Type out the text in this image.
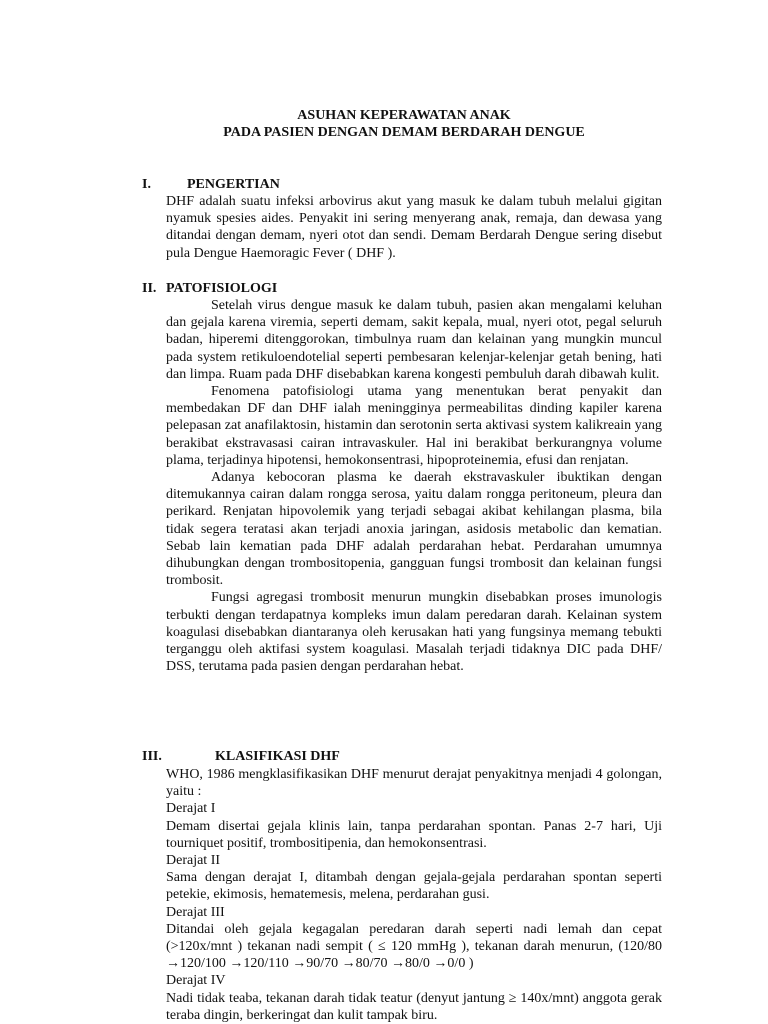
ASUHAN KEPERAWATAN ANAK
PADA PASIEN DENGAN DEMAM BERDARAH DENGUE
I.	PENGERTIAN

DHF adalah suatu infeksi arbovirus akut yang masuk ke dalam tubuh melalui gigitan nyamuk spesies aides. Penyakit ini sering menyerang anak, remaja, dan dewasa yang ditandai dengan demam, nyeri otot dan sendi. Demam Berdarah Dengue sering disebut pula Dengue Haemoragic Fever ( DHF ).

II. PATOFISIOLOGI

Setelah virus dengue masuk ke dalam tubuh, pasien akan mengalami keluhan dan gejala karena viremia, seperti demam, sakit kepala, mual, nyeri otot, pegal seluruh badan, hiperemi ditenggorokan, timbulnya ruam dan kelainan yang mungkin muncul pada system retikuloendotelial seperti pembesaran kelenjar-kelenjar getah bening, hati dan limpa. Ruam pada DHF disebabkan karena kongesti pembuluh darah dibawah kulit.

Fenomena patofisiologi utama yang menentukan berat penyakit dan membedakan DF dan DHF ialah meningginya permeabilitas dinding kapiler karena pelepasan zat anafilaktosin, histamin dan serotonin serta aktivasi system kalikreain yang berakibat ekstravasasi cairan intravaskuler. Hal ini berakibat berkurangnya volume plama, terjadinya hipotensi, hemokonsentrasi, hipoproteinemia, efusi dan renjatan.

Adanya kebocoran plasma ke daerah ekstravaskuler ibuktikan dengan ditemukannya cairan dalam rongga serosa, yaitu dalam rongga peritoneum, pleura dan perikard. Renjatan hipovolemik yang terjadi sebagai akibat kehilangan plasma, bila tidak segera teratasi akan terjadi anoxia jaringan, asidosis metabolic dan kematian. Sebab lain kematian pada DHF adalah perdarahan hebat. Perdarahan umumnya dihubungkan dengan trombositopenia, gangguan fungsi trombosit dan kelainan fungsi trombosit.

Fungsi agregasi trombosit menurun mungkin disebabkan proses imunologis terbukti dengan terdapatnya kompleks imun dalam peredaran darah. Kelainan system koagulasi disebabkan diantaranya oleh kerusakan hati yang fungsinya memang tebukti terganggu oleh aktifasi system koagulasi. Masalah terjadi tidaknya DIC pada DHF/ DSS, terutama pada pasien dengan perdarahan hebat.

III.	KLASIFIKASI DHF

WHO, 1986 mengklasifikasikan DHF menurut derajat penyakitnya menjadi 4 golongan, yaitu :

Derajat I

Demam disertai gejala klinis lain, tanpa perdarahan spontan. Panas 2-7 hari, Uji tourniquet positif, trombositipenia, dan hemokonsentrasi.

Derajat II

Sama dengan derajat I, ditambah dengan gejala-gejala perdarahan spontan seperti petekie, ekimosis, hematemesis, melena, perdarahan gusi.

Derajat III

Ditandai oleh gejala kegagalan peredaran darah seperti nadi lemah dan cepat (>120x/mnt ) tekanan nadi sempit ( ≤ 120 mmHg ), tekanan darah menurun, (120/80 →120/100 →120/110 →90/70 →80/70 →80/0 →0/0 )

Derajat IV

Nadi tidak teaba, tekanan darah tidak teatur (denyut jantung ≥ 140x/mnt) anggota gerak teraba dingin, berkeringat dan kulit tampak biru.
